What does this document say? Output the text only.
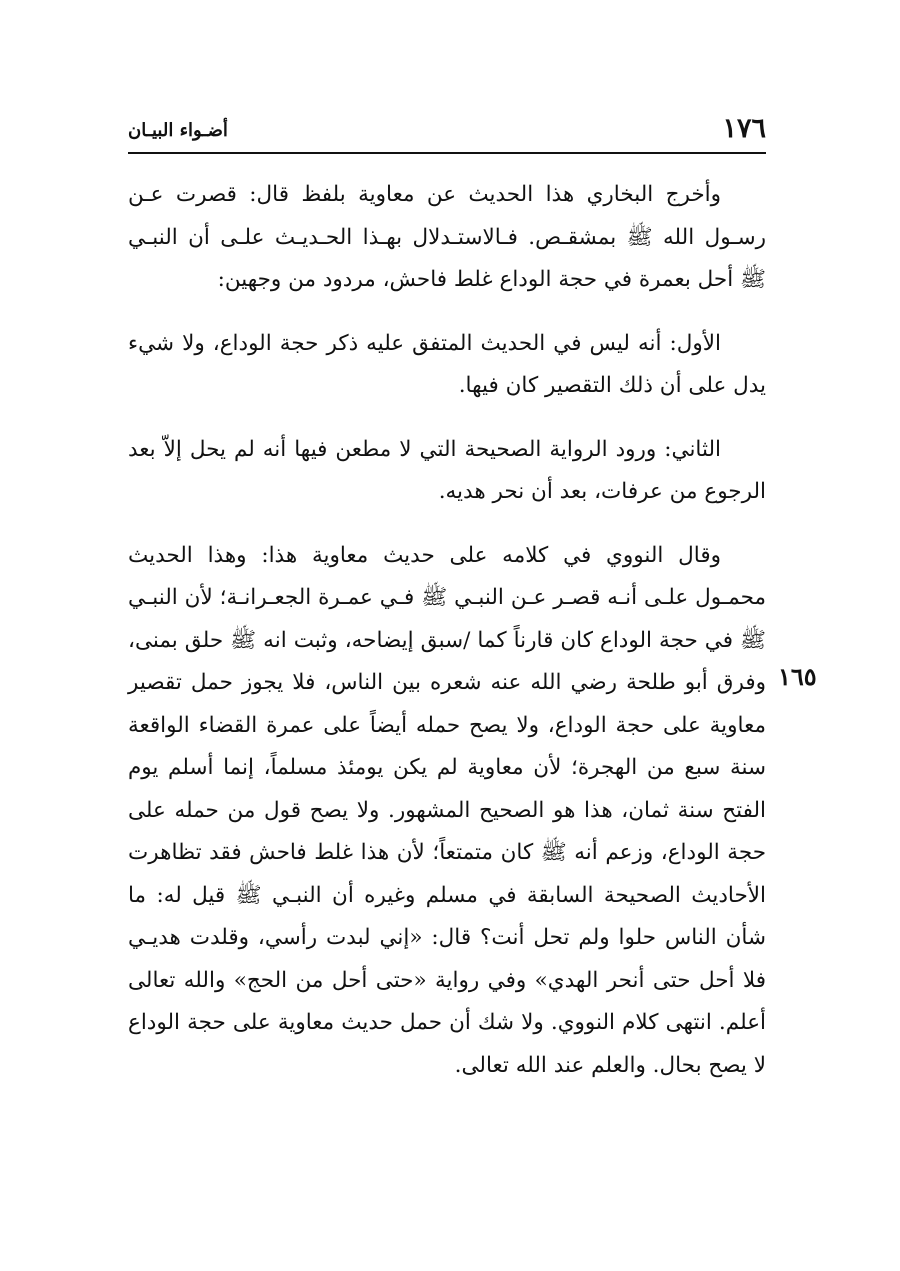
١٧٦
أضـواء البيـان
١٦٥

وأخرج البخاري هذا الحديث عن معاوية بلفظ قال: قصرت عـن رسـول الله ﷺ بمشقـص. فـالاستـدلال بهـذا الحـديـث علـى أن النبـي ﷺ أحل بعمرة في حجة الوداع غلط فاحش، مردود من وجهين:

الأول: أنه ليس في الحديث المتفق عليه ذكر حجة الوداع، ولا شيء يدل على أن ذلك التقصير كان فيها.

الثاني: ورود الرواية الصحيحة التي لا مطعن فيها أنه لم يحل إلاّ بعد الرجوع من عرفات، بعد أن نحر هديه.

وقال النووي في كلامه على حديث معاوية هذا: وهذا الحديث محمـول علـى أنـه قصـر عـن النبـي ﷺ فـي عمـرة الجعـرانـة؛ لأن النبـي ﷺ في حجة الوداع كان قارناً كما /سبق إيضاحه، وثبت انه ﷺ حلق بمنى، وفرق أبو طلحة رضي الله عنه شعره بين الناس، فلا يجوز حمل تقصير معاوية على حجة الوداع، ولا يصح حمله أيضاً على عمرة القضاء الواقعة سنة سبع من الهجرة؛ لأن معاوية لم يكن يومئذ مسلماً، إنما أسلم يوم الفتح سنة ثمان، هذا هو الصحيح المشهور. ولا يصح قول من حمله على حجة الوداع، وزعم أنه ﷺ كان متمتعاً؛ لأن هذا غلط فاحش فقد تظاهرت الأحاديث الصحيحة السابقة في مسلم وغيره أن النبـي ﷺ قيل له: ما شأن الناس حلوا ولم تحل أنت؟ قال: «إني لبدت رأسي، وقلدت هديـي فلا أحل حتى أنحر الهدي» وفي رواية «حتى أحل من الحج» والله تعالى أعلم. انتهى كلام النووي. ولا شك أن حمل حديث معاوية على حجة الوداع لا يصح بحال. والعلم عند الله تعالى.
